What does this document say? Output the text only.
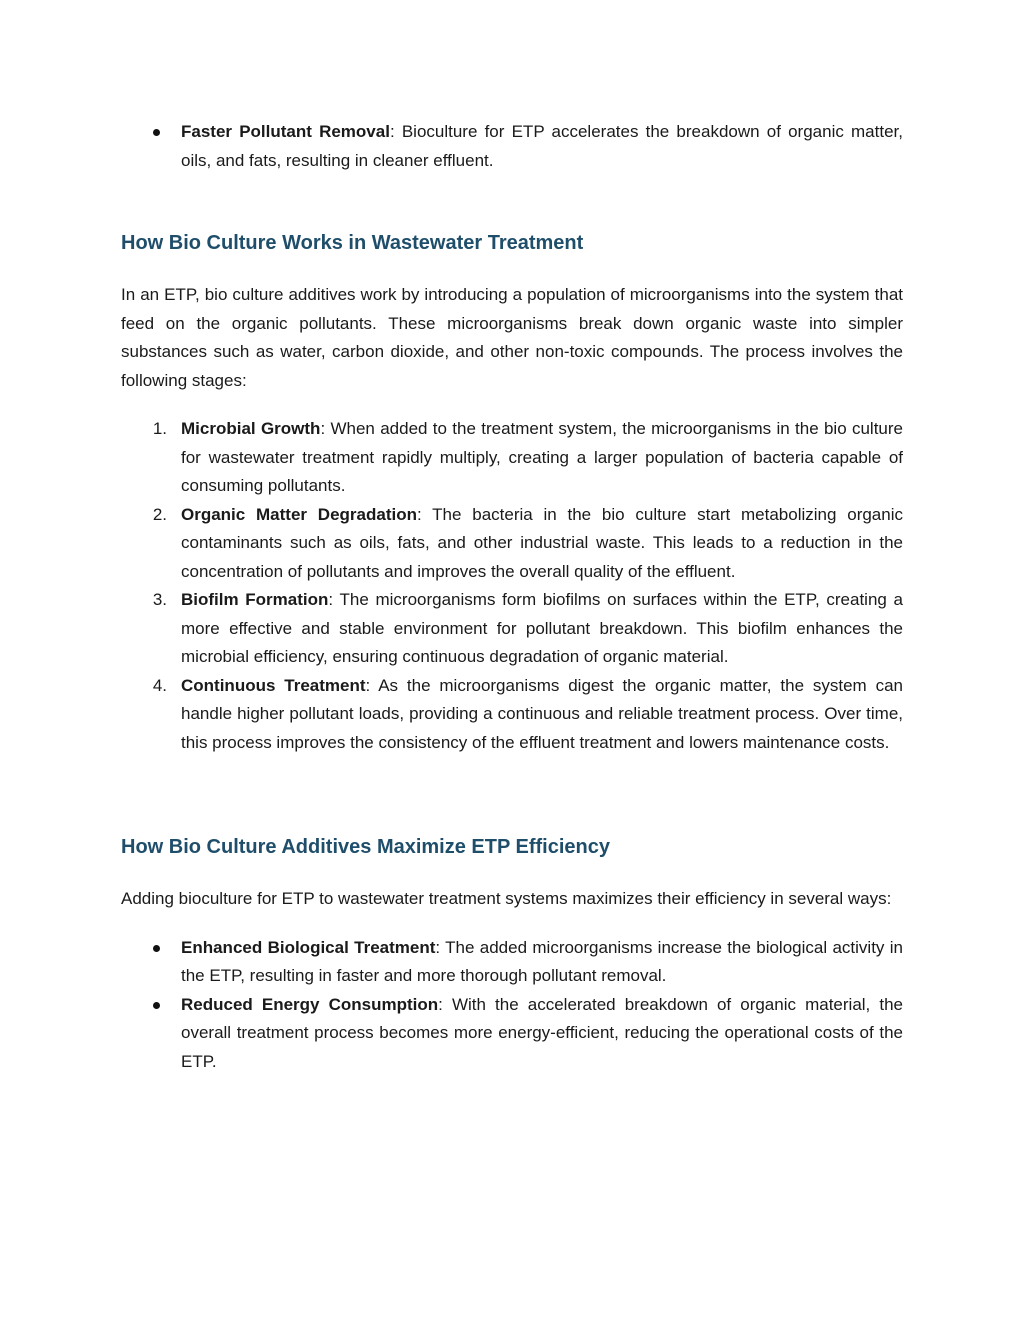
Faster Pollutant Removal: Bioculture for ETP accelerates the breakdown of organic matter, oils, and fats, resulting in cleaner effluent.
How Bio Culture Works in Wastewater Treatment

In an ETP, bio culture additives work by introducing a population of microorganisms into the system that feed on the organic pollutants. These microorganisms break down organic waste into simpler substances such as water, carbon dioxide, and other non-toxic compounds. The process involves the following stages:

1. Microbial Growth: When added to the treatment system, the microorganisms in the bio culture for wastewater treatment rapidly multiply, creating a larger population of bacteria capable of consuming pollutants.
2. Organic Matter Degradation: The bacteria in the bio culture start metabolizing organic contaminants such as oils, fats, and other industrial waste. This leads to a reduction in the concentration of pollutants and improves the overall quality of the effluent.
3. Biofilm Formation: The microorganisms form biofilms on surfaces within the ETP, creating a more effective and stable environment for pollutant breakdown. This biofilm enhances the microbial efficiency, ensuring continuous degradation of organic material.
4. Continuous Treatment: As the microorganisms digest the organic matter, the system can handle higher pollutant loads, providing a continuous and reliable treatment process. Over time, this process improves the consistency of the effluent treatment and lowers maintenance costs.
How Bio Culture Additives Maximize ETP Efficiency

Adding bioculture for ETP to wastewater treatment systems maximizes their efficiency in several ways:

Enhanced Biological Treatment: The added microorganisms increase the biological activity in the ETP, resulting in faster and more thorough pollutant removal.
Reduced Energy Consumption: With the accelerated breakdown of organic material, the overall treatment process becomes more energy-efficient, reducing the operational costs of the ETP.
